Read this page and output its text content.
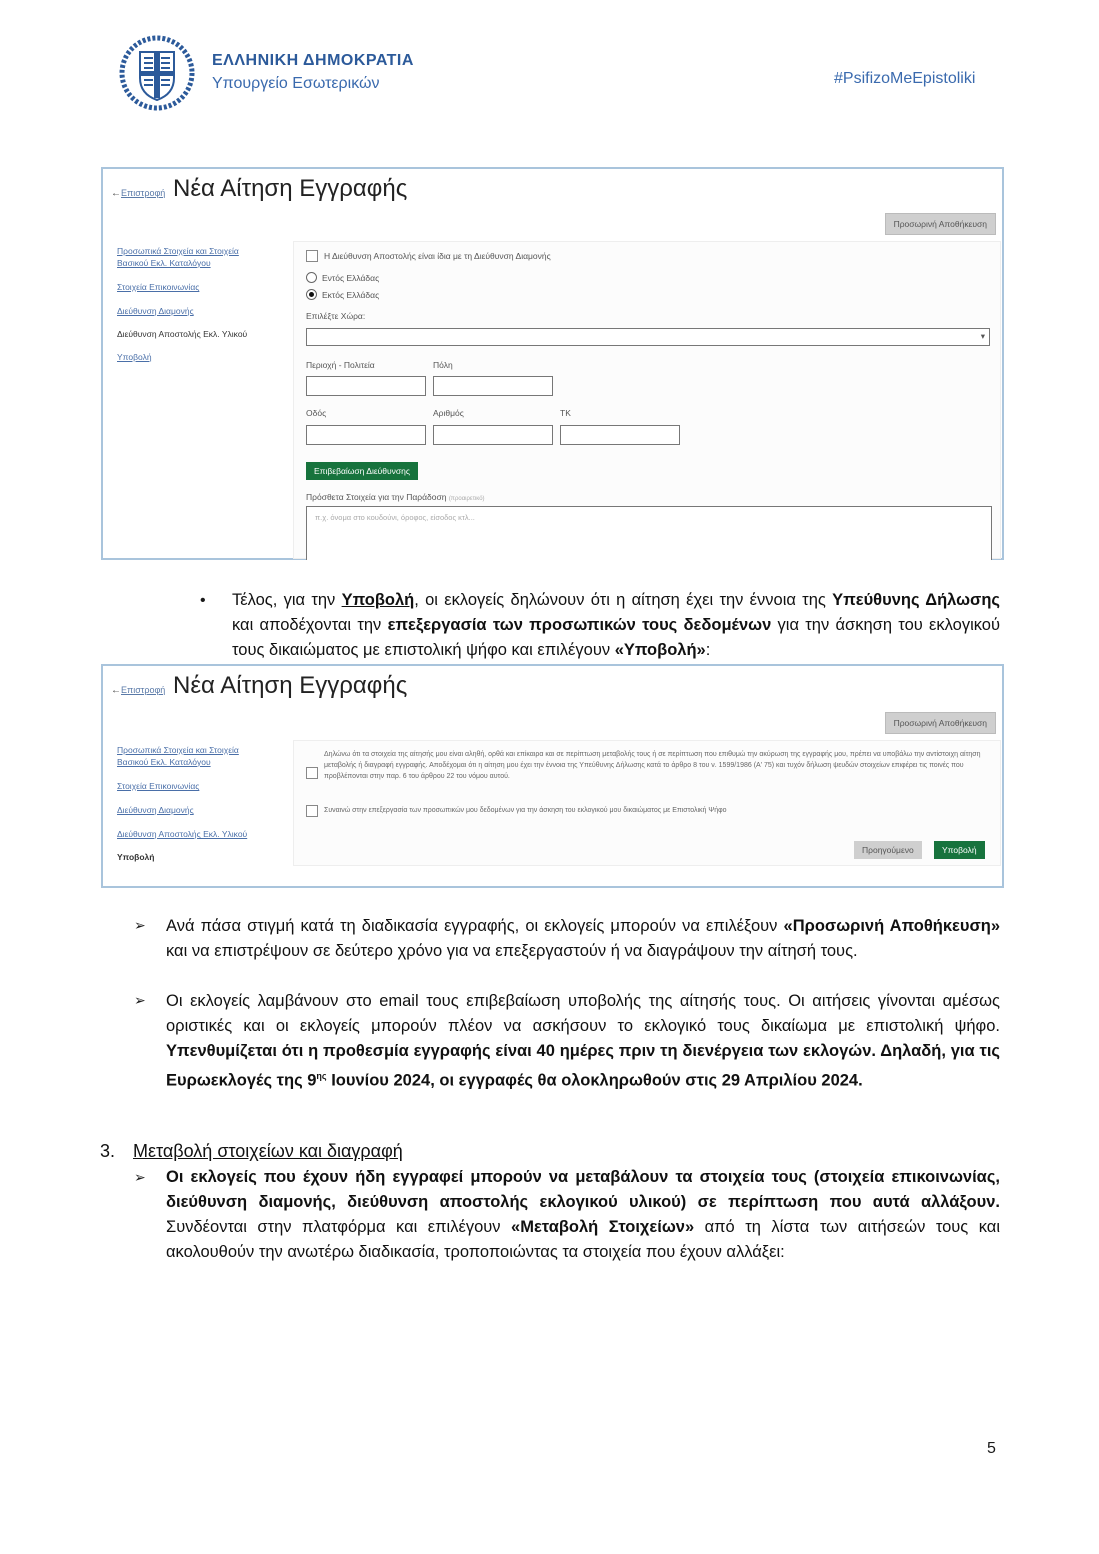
ΕΛΛΗΝΙΚΗ ΔΗΜΟΚΡΑΤΙΑ
Υπουργείο Εσωτερικών	#PsifizoMeEpistoliki
←Επιστροφή Νέα Αίτηση Εγγραφής
Προσωρινή Αποθήκευση
Προσωπικά Στοιχεία και Στοιχεία Βασικού Εκλ. Καταλόγου
Στοιχεία Επικοινωνίας
Διεύθυνση Διαμονής
Διεύθυνση Αποστολής Εκλ. Υλικού
Υποβολή
Η Διεύθυνση Αποστολής είναι ίδια με τη Διεύθυνση Διαμονής
Εντός Ελλάδας
Εκτός Ελλάδας
Επιλέξτε Χώρα:
▾
Περιοχή - Πολιτεία	Πόλη
Οδός	Αριθμός	ΤΚ
Επιβεβαίωση Διεύθυνσης
Πρόσθετα Στοιχεία για την Παράδοση (προαιρετικό)
π.χ. όνομα στο κουδούνι, όροφος, είσοδος κτλ...
• Τέλος, για την Υποβολή, οι εκλογείς δηλώνουν ότι η αίτηση έχει την έννοια της Υπεύθυνης Δήλωσης και αποδέχονται την επεξεργασία των προσωπικών τους δεδομένων για την άσκηση του εκλογικού τους δικαιώματος με επιστολική ψήφο και επιλέγουν «Υποβολή»:
←Επιστροφή Νέα Αίτηση Εγγραφής
Προσωρινή Αποθήκευση
Προσωπικά Στοιχεία και Στοιχεία Βασικού Εκλ. Καταλόγου
Στοιχεία Επικοινωνίας
Διεύθυνση Διαμονής
Διεύθυνση Αποστολής Εκλ. Υλικού
Υποβολή
Δηλώνω ότι τα στοιχεία της αίτησής μου είναι αληθή, ορθά και επίκαιρα και σε περίπτωση μεταβολής τους ή σε περίπτωση που επιθυμώ την ακύρωση της εγγραφής μου, πρέπει να υποβάλω την αντίστοιχη αίτηση μεταβολής ή διαγραφή εγγραφής. Αποδέχομαι ότι η αίτηση μου έχει την έννοια της Υπεύθυνης Δήλωσης κατά το άρθρο 8 του ν. 1599/1986 (Α' 75) και τυχόν δήλωση ψευδών στοιχείων επιφέρει τις ποινές που προβλέπονται στην παρ. 6 του άρθρου 22 του νόμου αυτού.
Συναινώ στην επεξεργασία των προσωπικών μου δεδομένων για την άσκηση του εκλογικού μου δικαιώματος με Επιστολική Ψήφο
Προηγούμενο	Υποβολή
➢ Ανά πάσα στιγμή κατά τη διαδικασία εγγραφής, οι εκλογείς μπορούν να επιλέξουν «Προσωρινή Αποθήκευση» και να επιστρέψουν σε δεύτερο χρόνο για να επεξεργαστούν ή να διαγράψουν την αίτησή τους.
➢ Οι εκλογείς λαμβάνουν στο email τους επιβεβαίωση υποβολής της αίτησής τους. Οι αιτήσεις γίνονται αμέσως οριστικές και οι εκλογείς μπορούν πλέον να ασκήσουν το εκλογικό τους δικαίωμα με επιστολική ψήφο. Υπενθυμίζεται ότι η προθεσμία εγγραφής είναι 40 ημέρες πριν τη διενέργεια των εκλογών. Δηλαδή, για τις Ευρωεκλογές της $9^{\eta\varsigma}$ Ιουνίου 2024, οι εγγραφές θα ολοκληρωθούν στις 29 Απριλίου 2024.
3. Μεταβολή στοιχείων και διαγραφή
➢ Οι εκλογείς που έχουν ήδη εγγραφεί μπορούν να μεταβάλουν τα στοιχεία τους (στοιχεία επικοινωνίας, διεύθυνση διαμονής, διεύθυνση αποστολής εκλογικού υλικού) σε περίπτωση που αυτά αλλάξουν. Συνδέονται στην πλατφόρμα και επιλέγουν «Μεταβολή Στοιχείων» από τη λίστα των αιτήσεών τους και ακολουθούν την ανωτέρω διαδικασία, τροποποιώντας τα στοιχεία που έχουν αλλάξει:
5
